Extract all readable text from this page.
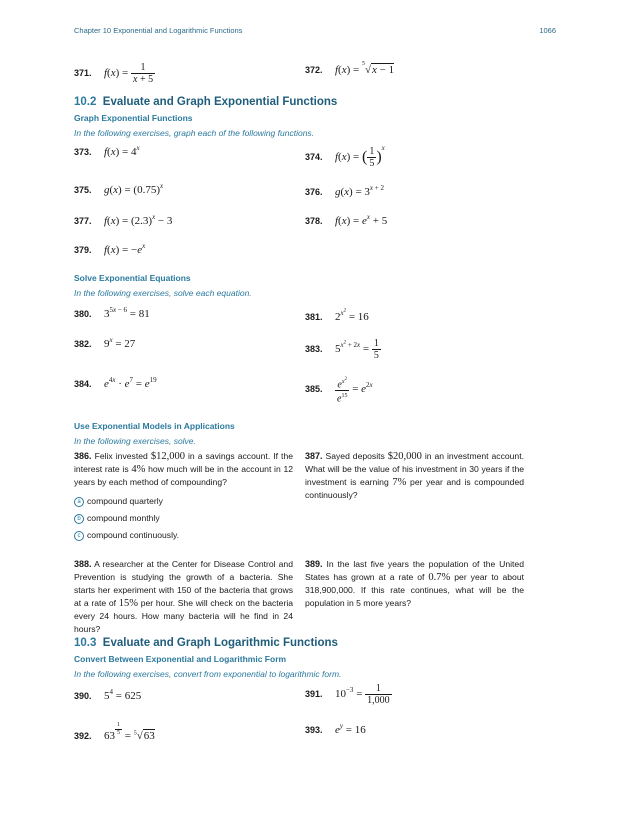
Chapter 10 Exponential and Logarithmic Functions	1066
371. $f(x) = \frac{1}{x + 5}$	372. f(x) = $^5$√x − 1
10.2 Evaluate and Graph Exponential Functions
Graph Exponential Functions
In the following exercises, graph each of the following functions.
373. $f(x) = 4^x$
374. f(x) = ( $\frac{1}{5} )^x$
375. $g(x) = (0.75)^x$
376. $g(x) = 3^{x + 2}$
377. $f(x) = (2.3)^x - 3$	378. $f(x) = e^x + 5$
379. $f(x) = -e^x$
Solve Exponential Equations
In the following exercises, solve each equation.
380. $3^{5x - 6} = 81$	381. $2^{x^2} = 16$
382. $9^x = 27$	383. $5^{x^2 + 2x} = \frac{1}{5}$
384. $e^{4x} \cdot e^7 = e^{19}$
385. $\frac{e^{x^2}}{e^{15}} = e^{2x}$
Use Exponential Models in Applications
In the following exercises, solve.
386. Felix invested $12,000 in a savings account. If the interest rate is 4% how much will be in the account in 12 years by each method of compounding?
387. Sayed deposits $20,000 in an investment account. What will be the value of his investment in 30 years if the investment is earning 7% per year and is compounded continuously?
a compound quarterly
b compound monthly
c compound continuously.
388. A researcher at the Center for Disease Control and Prevention is studying the growth of a bacteria. She starts her experiment with 150 of the bacteria that grows at a rate of 15% per hour. She will check on the bacteria every 24 hours. How many bacteria will he find in 24 hours?
389. In the last five years the population of the United States has grown at a rate of 0.7% per year to about 318,900,000. If this rate continues, what will be the population in 5 more years?
10.3 Evaluate and Graph Logarithmic Functions
Convert Between Exponential and Logarithmic Form
In the following exercises, convert from exponential to logarithmic form.
390. $5^4 = 625$	391. $10^{-3} = \frac{1}{1,000}$
393. $e^y = 16$
392. 63 $^{\frac{1}{5}}$ = $^5$√63
